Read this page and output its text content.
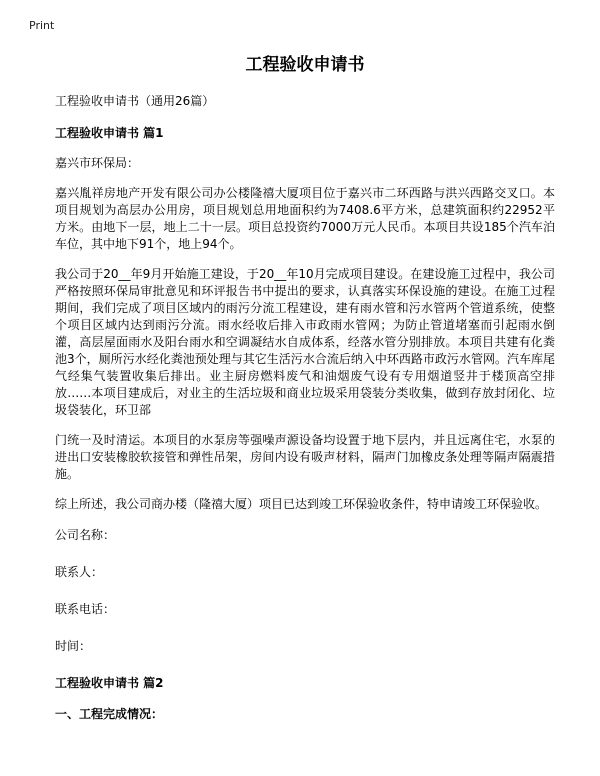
Print
工程验收申请书

工程验收申请书（通用26篇）

工程验收申请书 篇1

嘉兴市环保局：

嘉兴胤祥房地产开发有限公司办公楼隆禧大厦项目位于嘉兴市二环西路与洪兴西路交叉口。本项目规划为高层办公用房，项目规划总用地面积约为7408.6平方米，总建筑面积约22952平方米。由地下一层，地上二十一层。项目总投资约7000万元人民币。本项目共设185个汽车泊车位，其中地下91个，地上94个。

我公司于20__年9月开始施工建设，于20__年10月完成项目建设。在建设施工过程中，我公司严格按照环保局审批意见和环评报告书中提出的要求，认真落实环保设施的建设。在施工过程期间，我们完成了项目区域内的雨污分流工程建设，建有雨水管和污水管两个管道系统，使整个项目区域内达到雨污分流。雨水经收后排入市政雨水管网；为防止管道堵塞而引起雨水倒灌，高层屋面雨水及阳台雨水和空调凝结水自成体系，经落水管分别排放。本项目共建有化粪池3个，厕所污水经化粪池预处理与其它生活污水合流后纳入中环西路市政污水管网。汽车库尾气经集气装置收集后排出。业主厨房燃料废气和油烟废气设有专用烟道竖井于楼顶高空排放……本项目建成后，对业主的生活垃圾和商业垃圾采用袋装分类收集，做到存放封闭化、垃圾袋装化，环卫部

门统一及时清运。本项目的水泵房等强噪声源设备均设置于地下层内，并且远离住宅，水泵的进出口安装橡胶软接管和弹性吊架，房间内设有吸声材料，隔声门加橡皮条处理等隔声隔震措施。

综上所述，我公司商办楼（隆禧大厦）项目已达到竣工环保验收条件，特申请竣工环保验收。

公司名称：

联系人：

联系电话：

时间：

工程验收申请书 篇2

一、工程完成情况：
